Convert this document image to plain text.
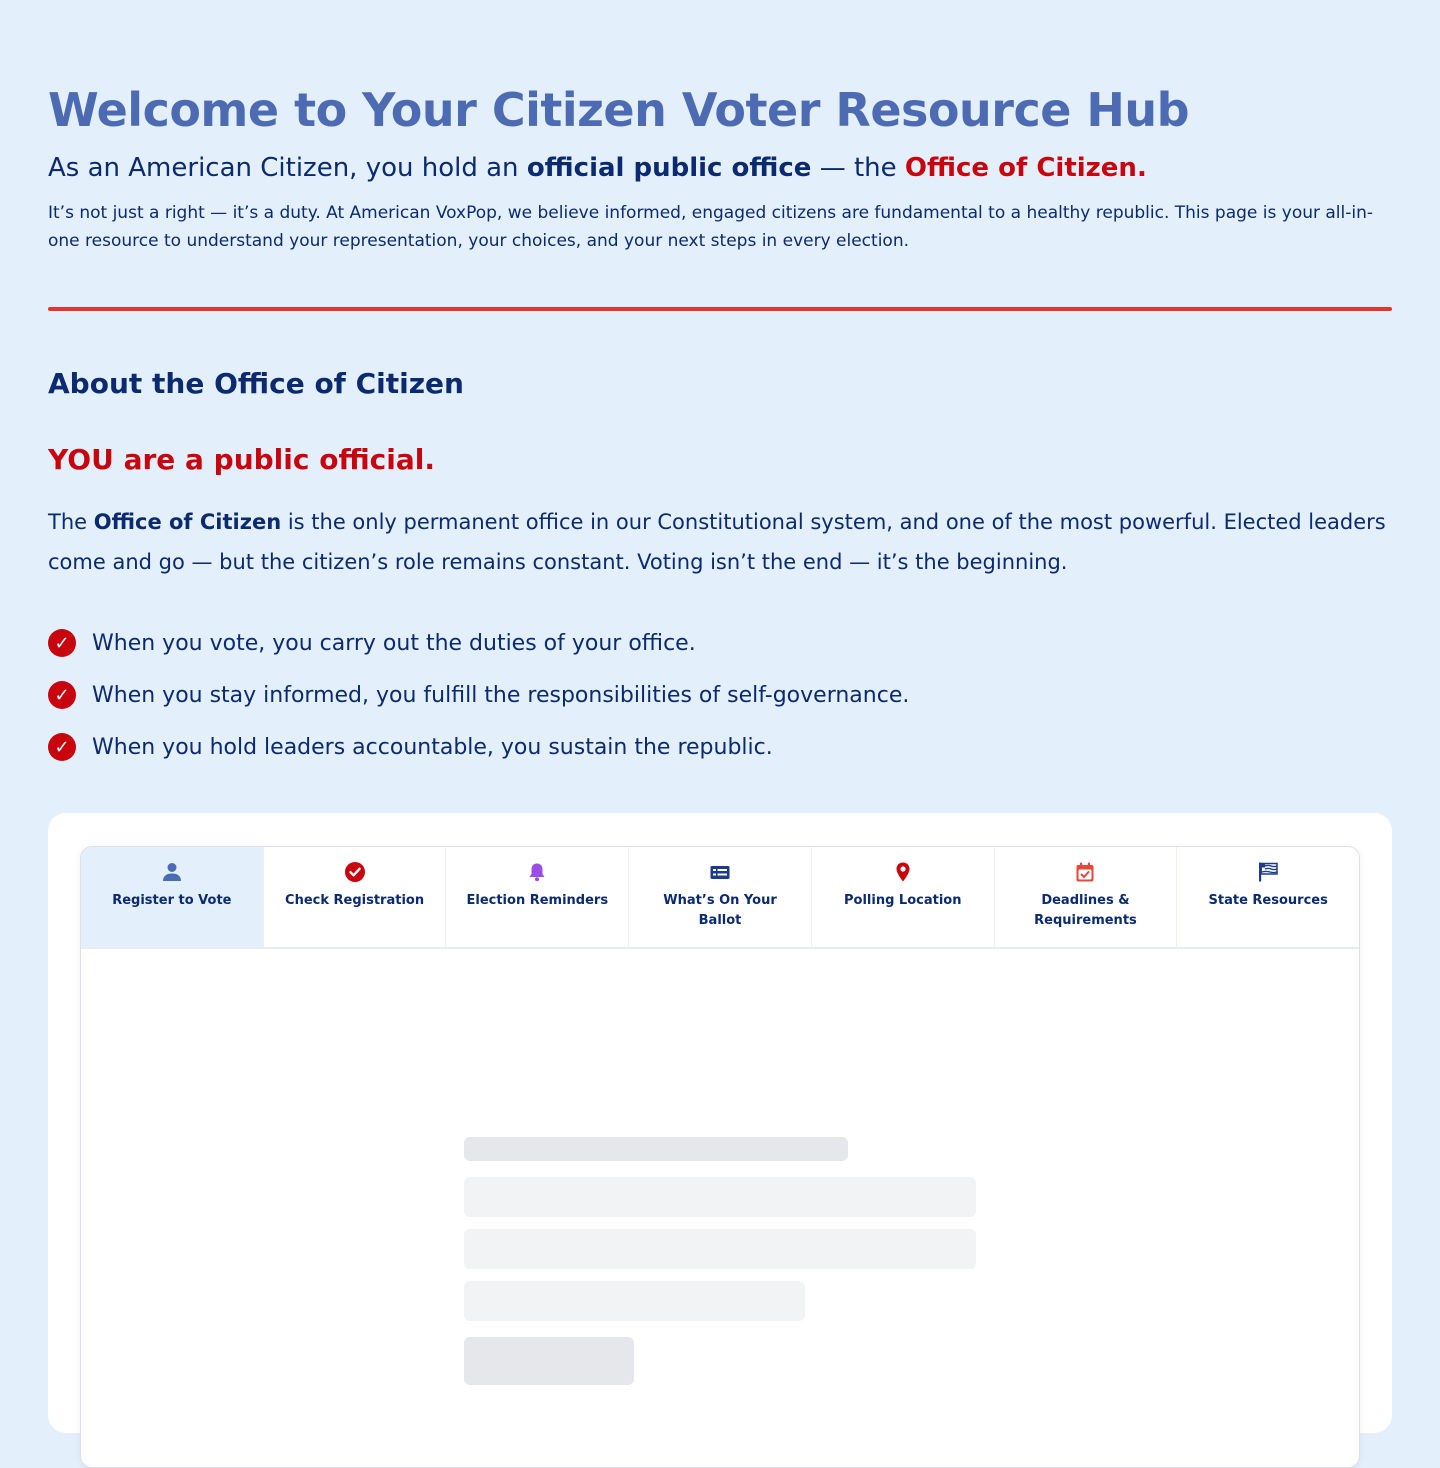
Welcome to Your Citizen Voter Resource Hub
As an American Citizen, you hold an official public office — the Office of Citizen.

It’s not just a right — it’s a duty. At American VoxPop, we believe informed, engaged citizens are fundamental to a healthy republic. This page is your all-in-one resource to understand your representation, your choices, and your next steps in every election.

About the Office of Citizen
YOU are a public official.

The Office of Citizen is the only permanent office in our Constitutional system, and one of the most powerful. Elected leaders come and go — but the citizen’s role remains constant. Voting isn’t the end — it’s the beginning.

✓ When you vote, you carry out the duties of your office.
✓ When you stay informed, you fulfill the responsibilities of self-governance.
✓ When you hold leaders accountable, you sustain the republic.
Register to Vote	Check Registration	Election Reminders	What’s On Your Ballot
Polling Location	Deadlines & Requirements
State Resources
